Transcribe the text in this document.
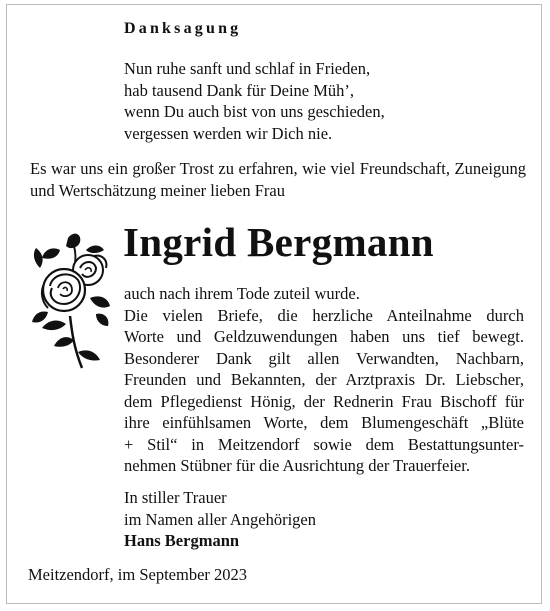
Danksagung
Nun ruhe sanft und schlaf in Frieden,
hab tausend Dank für Deine Müh’,
wenn Du auch bist von uns geschieden,
vergessen werden wir Dich nie.
Es war uns ein großer Trost zu erfahren, wie viel Freundschaft, Zuneigung und Wertschätzung meiner lieben Frau
Ingrid Bergmann
auch nach ihrem Tode zuteil wurde.
Die vielen Briefe, die herzliche Anteilnahme durch
Worte und Geldzuwendungen haben uns tief bewegt.
Besonderer Dank gilt allen Verwandten, Nachbarn,
Freunden und Bekannten, der Arztpraxis Dr. Liebscher,
dem Pflegedienst Hönig, der Rednerin Frau Bischoff für
ihre einfühlsamen Worte, dem Blumengeschäft „Blüte
+ Stil“ in Meitzendorf sowie dem Bestattungsunter-
nehmen Stübner für die Ausrichtung der Trauerfeier.
In stiller Trauer
im Namen aller Angehörigen
Hans Bergmann
Meitzendorf, im September 2023
